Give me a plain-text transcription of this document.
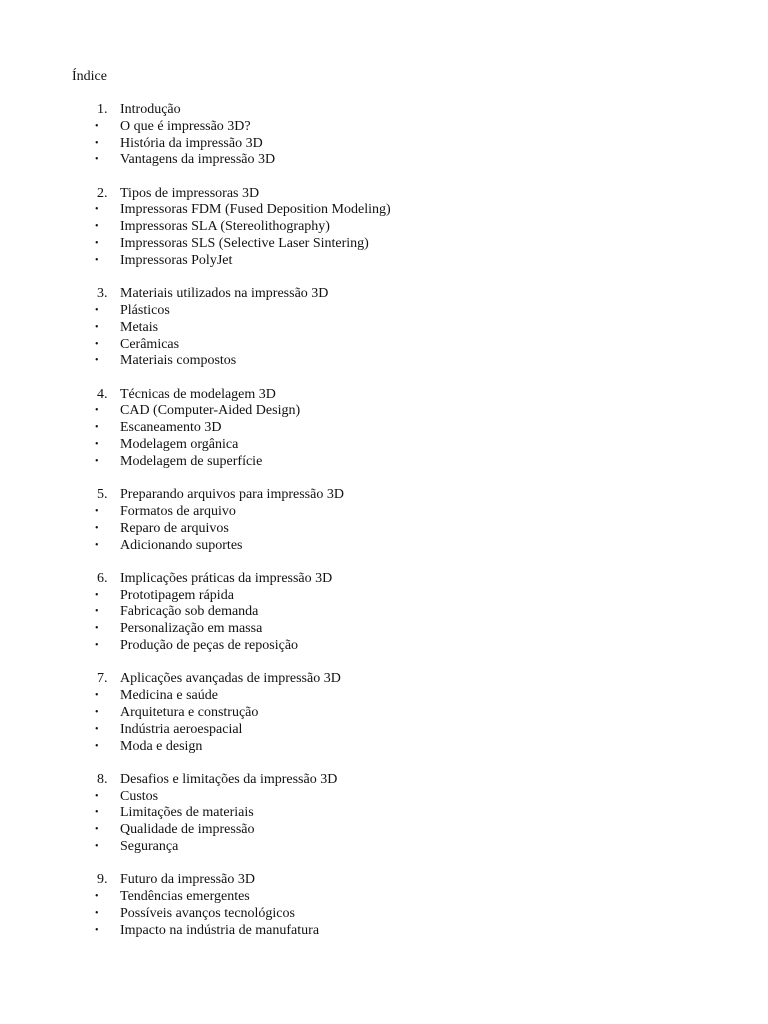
Índice
1. Introdução
• O que é impressão 3D?
• História da impressão 3D
• Vantagens da impressão 3D
2. Tipos de impressoras 3D
• Impressoras FDM (Fused Deposition Modeling)
• Impressoras SLA (Stereolithography)
• Impressoras SLS (Selective Laser Sintering)
• Impressoras PolyJet
3. Materiais utilizados na impressão 3D
• Plásticos
• Metais
• Cerâmicas
• Materiais compostos
4. Técnicas de modelagem 3D
• CAD (Computer-Aided Design)
• Escaneamento 3D
• Modelagem orgânica
• Modelagem de superfície
5. Preparando arquivos para impressão 3D
• Formatos de arquivo
• Reparo de arquivos
• Adicionando suportes
6. Implicações práticas da impressão 3D
• Prototipagem rápida
• Fabricação sob demanda
• Personalização em massa
• Produção de peças de reposição
7. Aplicações avançadas de impressão 3D
• Medicina e saúde
• Arquitetura e construção
• Indústria aeroespacial
• Moda e design
8. Desafios e limitações da impressão 3D
• Custos
• Limitações de materiais
• Qualidade de impressão
• Segurança
9. Futuro da impressão 3D
• Tendências emergentes
• Possíveis avanços tecnológicos
• Impacto na indústria de manufatura
